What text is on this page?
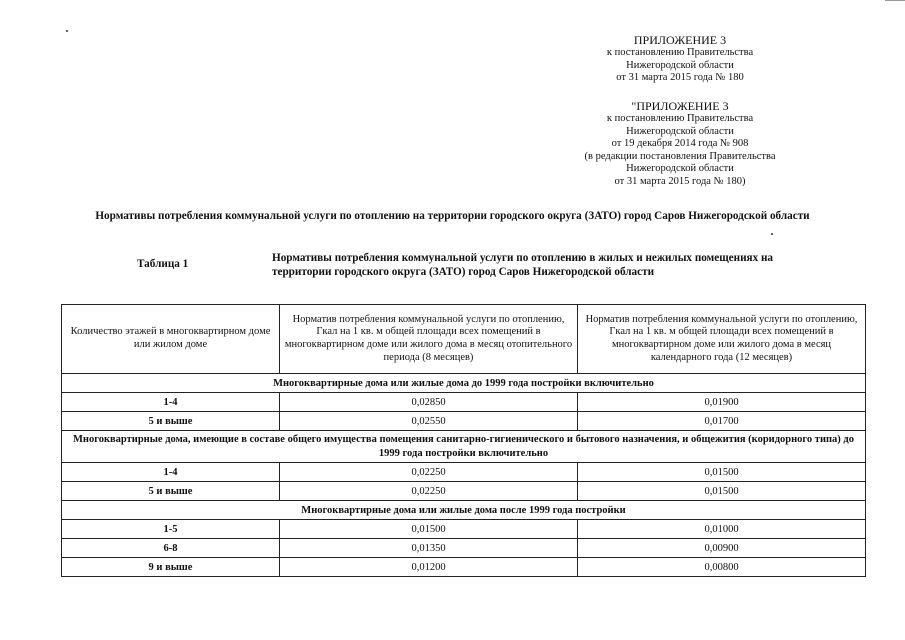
ПРИЛОЖЕНИЕ 3
к постановлению Правительства
Нижегородской области
от 31 марта 2015 года № 180
"ПРИЛОЖЕНИЕ 3
к постановлению Правительства
Нижегородской области
от 19 декабря 2014 года № 908
(в редакции постановления Правительства
Нижегородской области
от 31 марта 2015 года № 180)
Нормативы потребления коммунальной услуги по отоплению на территории городского округа (ЗАТО) город Саров Нижегородской области
Таблица 1	Нормативы потребления коммунальной услуги по отоплению в жилых и нежилых помещениях на территории городского округа (ЗАТО) город Саров Нижегородской области
Количество этажей в многоквартирном доме или жилом доме	Норматив потребления коммунальной услуги по отоплению, Гкал на 1 кв. м общей площади всех помещений в многоквартирном доме или жилого дома в месяц отопительного периода (8 месяцев)	Норматив потребления коммунальной услуги по отоплению, Гкал на 1 кв. м общей площади всех помещений в многоквартирном доме или жилого дома в месяц календарного года (12 месяцев)
Многоквартирные дома или жилые дома до 1999 года постройки включительно		
1-4	0,02850	0,01900
5 и выше	0,02550	0,01700
Многоквартирные дома, имеющие в составе общего имущества помещения санитарно-гигиенического и бытового назначения, и общежития (коридорного типа) до 1999 года постройки включительно		
1-4	0,02250	0,01500
5 и выше	0,02250	0,01500
Многоквартирные дома или жилые дома после 1999 года постройки		
1-5	0,01500	0,01000
6-8	0,01350	0,00900
9 и выше	0,01200	0,00800
